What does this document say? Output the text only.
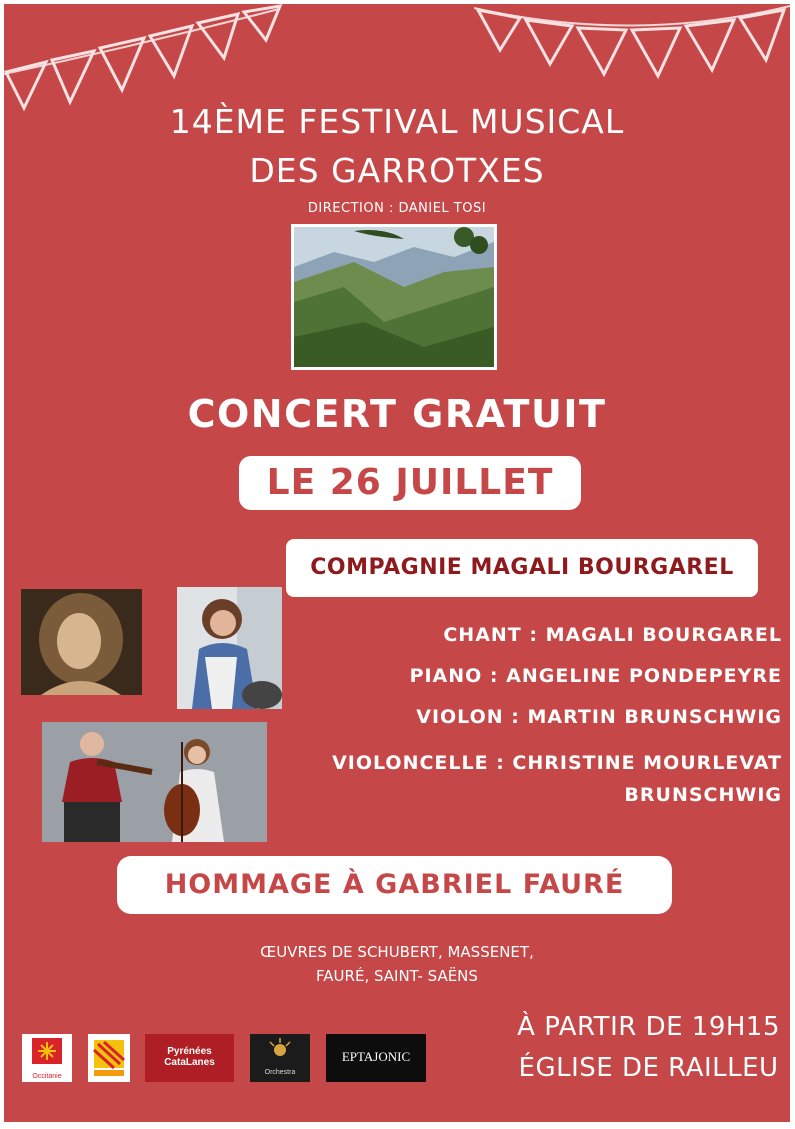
14ÈME FESTIVAL MUSICAL
DES GARROTXES
DIRECTION : DANIEL TOSI
CONCERT GRATUIT
LE 26 JUILLET
COMPAGNIE MAGALI BOURGAREL
CHANT : MAGALI BOURGAREL
PIANO : ANGELINE PONDEPEYRE
VIOLON : MARTIN BRUNSCHWIG
VIOLONCELLE : CHRISTINE MOURLEVAT
BRUNSCHWIG
HOMMAGE À GABRIEL FAURÉ
ŒUVRES DE SCHUBERT, MASSENET,
FAURÉ, SAINT- SAËNS
À PARTIR DE 19H15
ÉGLISE DE RAILLEU
Occitanie
Pyrénées
CataLanes
Orchestra
EPTAJONIC
